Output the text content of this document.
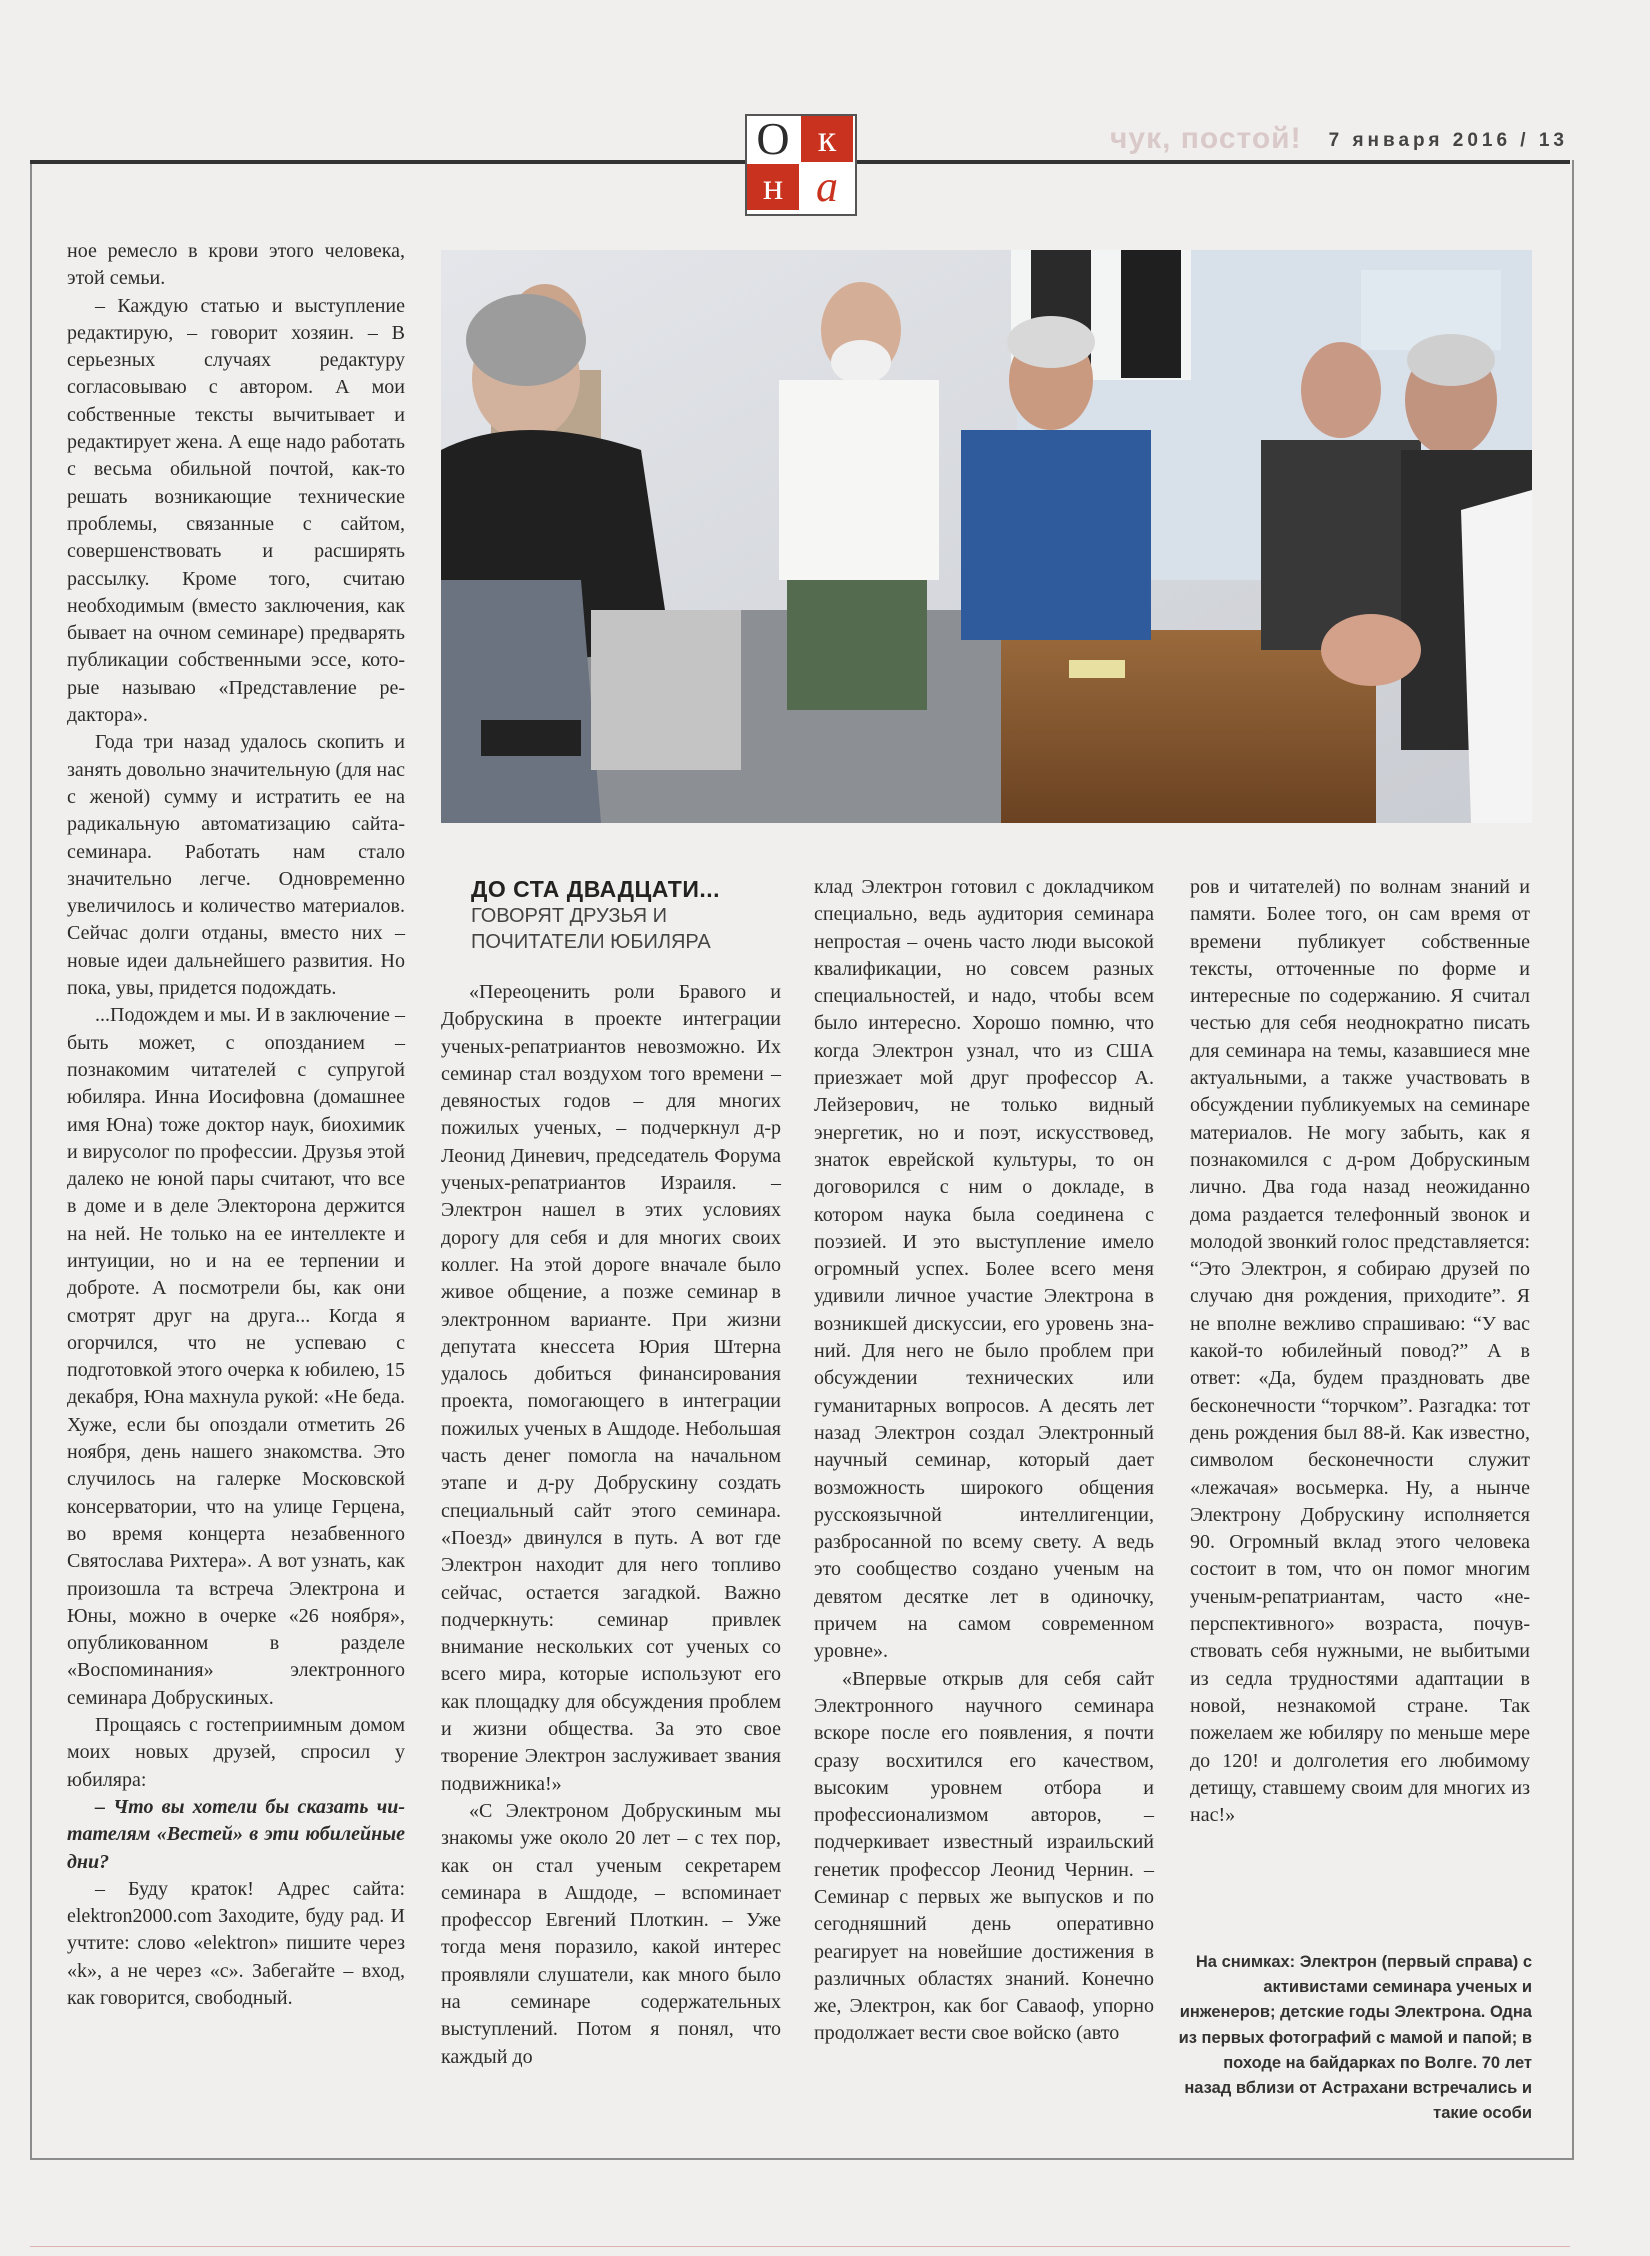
О к
н а
чук, постой! 7 января 2016 / 13

ное ремесло в крови этого человека, этой семьи.

– Каждую статью и выступление редактирую, – говорит хозяин. – В серьезных случаях редактуру согласовываю с автором. А мои собственные тексты вычитывает и редактирует жена. А еще надо работать с весьма обильной почтой, как-то решать возникающие технические проблемы, связанные с сайтом, совершенствовать и расширять рассылку. Кроме того, считаю необходимым (вместо заключения, как бывает на очном семинаре) предварять публикации собственными эссе, которые называю «Представление редактора».

Года три назад удалось скопить и занять довольно значительную (для нас с женой) сумму и истратить ее на радикальную автоматизацию сайта-семинара. Работать нам стало значительно легче. Одновременно увеличилось и количество материалов. Сейчас долги отданы, вместо них – новые идеи дальнейшего развития. Но пока, увы, придется подождать.

...Подождем и мы. И в заключение – быть может, с опозданием – познакомим читателей с супругой юбиляра. Инна Иосифовна (домашнее имя Юна) тоже доктор наук, биохимик и вирусолог по профессии. Друзья этой далеко не юной пары считают, что все в доме и в деле Электорона держится на ней. Не только на ее интеллекте и интуиции, но и на ее терпении и доброте. А посмотрели бы, как они смотрят друг на друга... Когда я огорчился, что не успеваю с подготовкой этого очерка к юбилею, 15 декабря, Юна махнула рукой: «Не беда. Хуже, если бы опоздали отметить 26 ноября, день нашего знакомства. Это случилось на галерке Московской консерватории, что на улице Герцена, во время концерта незабвенного Святослава Рихтера». А вот узнать, как произошла та встреча Электрона и Юны, можно в очерке «26 ноября», опубликованном в разделе «Воспоминания» электронного семинара Добрускиных.

Прощаясь с гостеприимным домом моих новых друзей, спросил у юбиляра:

– Что вы хотели бы сказать читателям «Вестей» в эти юбилейные дни?

– Буду краток! Адрес сайта: elektron2000.com Заходите, буду рад. И учтите: слово «elektron» пишите через «k», а не через «c». Забегайте – вход, как говорится, свободный.

ДО СТА ДВАДЦАТИ...
ГОВОРЯТ ДРУЗЬЯ И ПОЧИТАТЕЛИ ЮБИЛЯРА

«Переоценить роли Бравого и Добрускина в проекте интеграции ученых-репатриантов невозможно. Их семинар стал воздухом того времени – девяностых годов – для многих пожилых ученых, – подчеркнул д-р Леонид Диневич, председатель Форума ученых-репатриантов Израиля. – Электрон нашел в этих условиях дорогу для себя и для многих своих коллег. На этой дороге вначале было живое общение, а позже семинар в электронном варианте. При жизни депутата кнессета Юрия Штерна удалось добиться финансирования проекта, помогающего в интеграции пожилых ученых в Ашдоде. Небольшая часть денег помогла на начальном этапе и д-ру Добрускину создать специальный сайт этого семинара. «Поезд» двинулся в путь. А вот где Электрон находит для него топливо сейчас, остается загадкой. Важно подчеркнуть: семинар привлек внимание нескольких сот ученых со всего мира, которые используют его как площадку для обсуждения проблем и жизни общества. За это свое творение Электрон заслуживает звания подвижника!»

«С Электроном Добрускиным мы знакомы уже около 20 лет – с тех пор, как он стал ученым секретарем семинара в Ашдоде, – вспоминает профессор Евгений Плоткин. – Уже тогда меня поразило, какой интерес проявляли слушатели, как много было на семинаре содержательных выступлений. Потом я понял, что каждый до

клад Электрон готовил с докладчиком специально, ведь аудитория семинара непростая – очень часто люди высокой квалификации, но совсем разных специальностей, и надо, чтобы всем было интересно. Хорошо помню, что когда Электрон узнал, что из США приезжает мой друг профессор А. Лейзерович, не только видный энергетик, но и поэт, искусствовед, знаток еврейской культуры, то он договорился с ним о докладе, в котором наука была соединена с поэзией. И это выступление имело огромный успех. Более всего меня удивили личное участие Электрона в возникшей дискуссии, его уровень знаний. Для него не было проблем при обсуждении технических или гуманитарных вопросов. А десять лет назад Электрон создал Электронный научный семинар, который дает возможность широкого общения русскоязычной интеллигенции, разбросанной по всему свету. А ведь это сообщество создано ученым на девятом десятке лет в одиночку, причем на самом современном уровне».

«Впервые открыв для себя сайт Электронного научного семинара вскоре после его появления, я почти сразу восхитился его качеством, высоким уровнем отбора и профессионализмом авторов, – подчеркивает известный израильский генетик профессор Леонид Чернин. – Семинар с первых же выпусков и по сегодняшний день оперативно реагирует на новейшие достижения в различных областях знаний. Конечно же, Электрон, как бог Саваоф, упорно продолжает вести свое войско (авто

ров и читателей) по волнам знаний и памяти. Более того, он сам время от времени публикует собственные тексты, отточенные по форме и интересные по содержанию. Я считал честью для себя неоднократно писать для семинара на темы, казавшиеся мне актуальными, а также участвовать в обсуждении публикуемых на семинаре материалов. Не могу забыть, как я познакомился с д-ром Добрускиным лично. Два года назад неожиданно дома раздается телефонный звонок и молодой звонкий голос представляется: “Это Электрон, я собираю друзей по случаю дня рождения, приходите”. Я не вполне вежливо спрашиваю: “У вас какой-то юбилейный повод?” А в ответ: «Да, будем праздновать две бесконечности “торчком”. Разгадка: тот день рождения был 88-й. Как известно, символом бесконечности служит «лежачая» восьмерка. Ну, а нынче Электрону Добрускину исполняется 90. Огромный вклад этого человека состоит в том, что он помог многим ученым-репатриантам, часто «неперспективного» возраста, почувствовать себя нужными, не выбитыми из седла трудностями адаптации в новой, незнакомой стране. Так пожелаем же юбиляру по меньше мере до 120! и долголетия его любимому детищу, ставшему своим для многих из нас!»

На снимках: Электрон (первый справа) с активистами семинара ученых и инженеров; детские годы Электрона. Одна из первых фотографий с мамой и папой; в походе на байдарках по Волге. 70 лет назад вблизи от Астрахани встречались и такие особи
